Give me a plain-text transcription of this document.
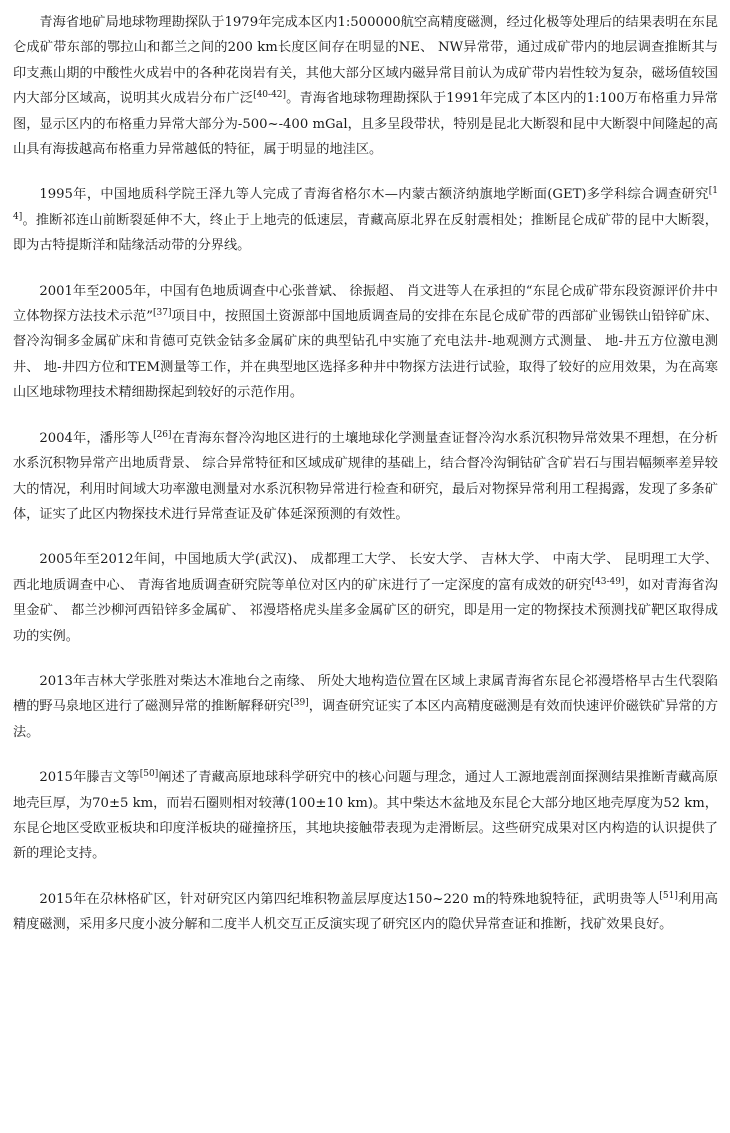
青海省地矿局地球物理勘探队于1979年完成本区内1:500000航空高精度磁测，经过化极等处理后的结果表明在东昆仑成矿带东部的鄂拉山和都兰之间的200 km长度区间存在明显的NE、 NW异常带，通过成矿带内的地层调查推断其与印支燕山期的中酸性火成岩中的各种花岗岩有关，其他大部分区域内磁异常目前认为成矿带内岩性较为复杂，磁场值较国内大部分区域高，说明其火成岩分布广泛[40-42]。青海省地球物理勘探队于1991年完成了本区内的1:100万布格重力异常图，显示区内的布格重力异常大部分为-500~-400 mGal，且多呈段带状，特别是昆北大断裂和昆中大断裂中间隆起的高山具有海拔越高布格重力异常越低的特征，属于明显的地洼区。

1995年，中国地质科学院王泽九等人完成了青海省格尔木—内蒙古额济纳旗地学断面(GET)多学科综合调查研究[14]。推断祁连山前断裂延伸不大，终止于上地壳的低速层，青藏高原北界在反射震相处；推断昆仑成矿带的昆中大断裂，即为古特提斯洋和陆缘活动带的分界线。

2001年至2005年，中国有色地质调查中心张普斌、 徐振超、 肖文进等人在承担的“东昆仑成矿带东段资源评价井中立体物探方法技术示范”[37]项目中，按照国土资源部中国地质调查局的安排在东昆仑成矿带的西部矿业锡铁山铅锌矿床、 督冷沟铜多金属矿床和肯德可克铁金钴多金属矿床的典型钻孔中实施了充电法井-地观测方式测量、 地-井五方位激电测井、 地-井四方位和TEM测量等工作，并在典型地区选择多种井中物探方法进行试验，取得了较好的应用效果，为在高寒山区地球物理技术精细勘探起到较好的示范作用。

2004年，潘彤等人[26]在青海东督冷沟地区进行的土壤地球化学测量查证督冷沟水系沉积物异常效果不理想，在分析水系沉积物异常产出地质背景、 综合异常特征和区域成矿规律的基础上，结合督冷沟铜钴矿含矿岩石与围岩幅频率差异较大的情况，利用时间域大功率激电测量对水系沉积物异常进行检查和研究，最后对物探异常利用工程揭露，发现了多条矿体，证实了此区内物探技术进行异常查证及矿体延深预测的有效性。

2005年至2012年间，中国地质大学(武汉)、 成都理工大学、 长安大学、 吉林大学、 中南大学、 昆明理工大学、 西北地质调查中心、 青海省地质调查研究院等单位对区内的矿床进行了一定深度的富有成效的研究[43-49]，如对青海省沟里金矿、 都兰沙柳河西铅锌多金属矿、 祁漫塔格虎头崖多金属矿区的研究，即是用一定的物探技术预测找矿靶区取得成功的实例。

2013年吉林大学张胜对柴达木准地台之南缘、 所处大地构造位置在区域上隶属青海省东昆仑祁漫塔格早古生代裂陷槽的野马泉地区进行了磁测异常的推断解释研究[39]，调查研究证实了本区内高精度磁测是有效而快速评价磁铁矿异常的方法。

2015年滕吉文等[50]阐述了青藏高原地球科学研究中的核心问题与理念，通过人工源地震剖面探测结果推断青藏高原地壳巨厚，为70±5 km，而岩石圈则相对较薄(100±10 km)。其中柴达木盆地及东昆仑大部分地区地壳厚度为52 km，东昆仑地区受欧亚板块和印度洋板块的碰撞挤压，其地块接触带表现为走滑断层。这些研究成果对区内构造的认识提供了新的理论支持。

2015年在尕林格矿区，针对研究区内第四纪堆积物盖层厚度达150~220 m的特殊地貌特征，武明贵等人[51]利用高精度磁测，采用多尺度小波分解和二度半人机交互正反演实现了研究区内的隐伏异常查证和推断，找矿效果良好。
